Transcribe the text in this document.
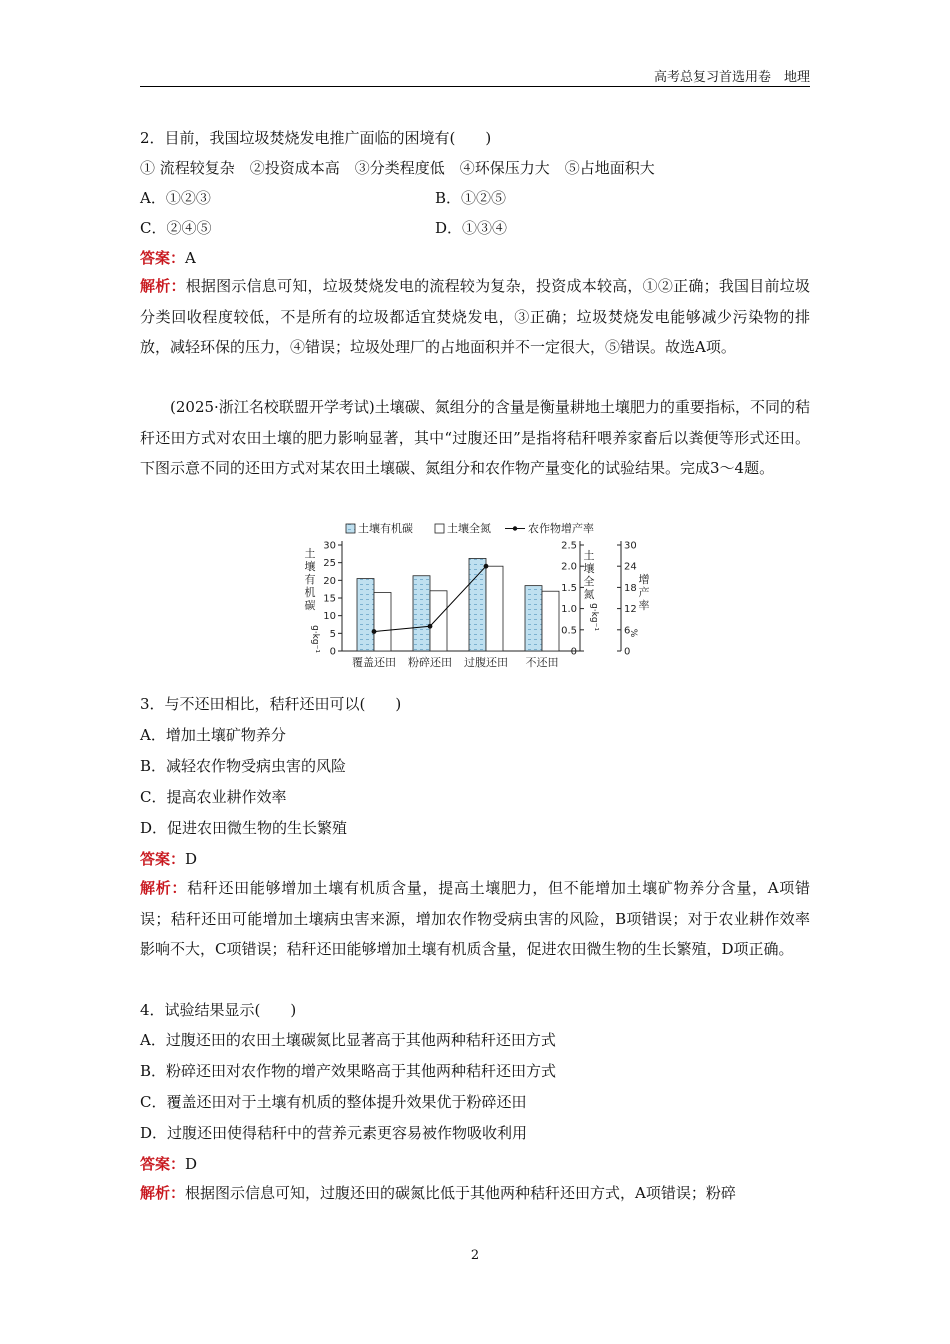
高考总复习首选用卷　地理
2．目前，我国垃圾焚烧发电推广面临的困境有(　　)
① 流程较复杂　②投资成本高　③分类程度低　④环保压力大　⑤占地面积大
A．①②③	B．①②⑤
C．②④⑤	D．①③④
答案：A
解析：根据图示信息可知，垃圾焚烧发电的流程较为复杂，投资成本较高，①②正确；我国目前垃圾分类回收程度较低，不是所有的垃圾都适宜焚烧发电，③正确；垃圾焚烧发电能够减少污染物的排放，减轻环保的压力，④错误；垃圾处理厂的占地面积并不一定很大，⑤错误。故选A项。
(2025·浙江名校联盟开学考试)土壤碳、氮组分的含量是衡量耕地土壤肥力的重要指标，不同的秸秆还田方式对农田土壤的肥力影响显著，其中“过腹还田”是指将秸秆喂养家畜后以粪便等形式还田。下图示意不同的还田方式对某农田土壤碳、氮组分和农作物产量变化的试验结果。完成3～4题。
土壤有机碳	土壤全氮	农作物增产率
0
5
10
15
20
25
30
土
壤
有
机
碳
g·kg⁻¹	0
0.5
1.0
1.5
2.0
2.5
土
壤
全
氮
g·kg⁻¹
0
6
12
18
24
30
增
产
率
%
覆盖还田 粉碎还田 过腹还田 不还田
3．与不还田相比，秸秆还田可以(　　)
A．增加土壤矿物养分
B．减轻农作物受病虫害的风险
C．提高农业耕作效率
D．促进农田微生物的生长繁殖
答案：D
解析：秸秆还田能够增加土壤有机质含量，提高土壤肥力，但不能增加土壤矿物养分含量，A项错误；秸秆还田可能增加土壤病虫害来源，增加农作物受病虫害的风险，B项错误；对于农业耕作效率影响不大，C项错误；秸秆还田能够增加土壤有机质含量，促进农田微生物的生长繁殖，D项正确。
4．试验结果显示(　　)
A．过腹还田的农田土壤碳氮比显著高于其他两种秸秆还田方式
B．粉碎还田对农作物的增产效果略高于其他两种秸秆还田方式
C．覆盖还田对于土壤有机质的整体提升效果优于粉碎还田
D．过腹还田使得秸秆中的营养元素更容易被作物吸收利用
答案：D
解析：根据图示信息可知，过腹还田的碳氮比低于其他两种秸秆还田方式，A项错误；粉碎
2
